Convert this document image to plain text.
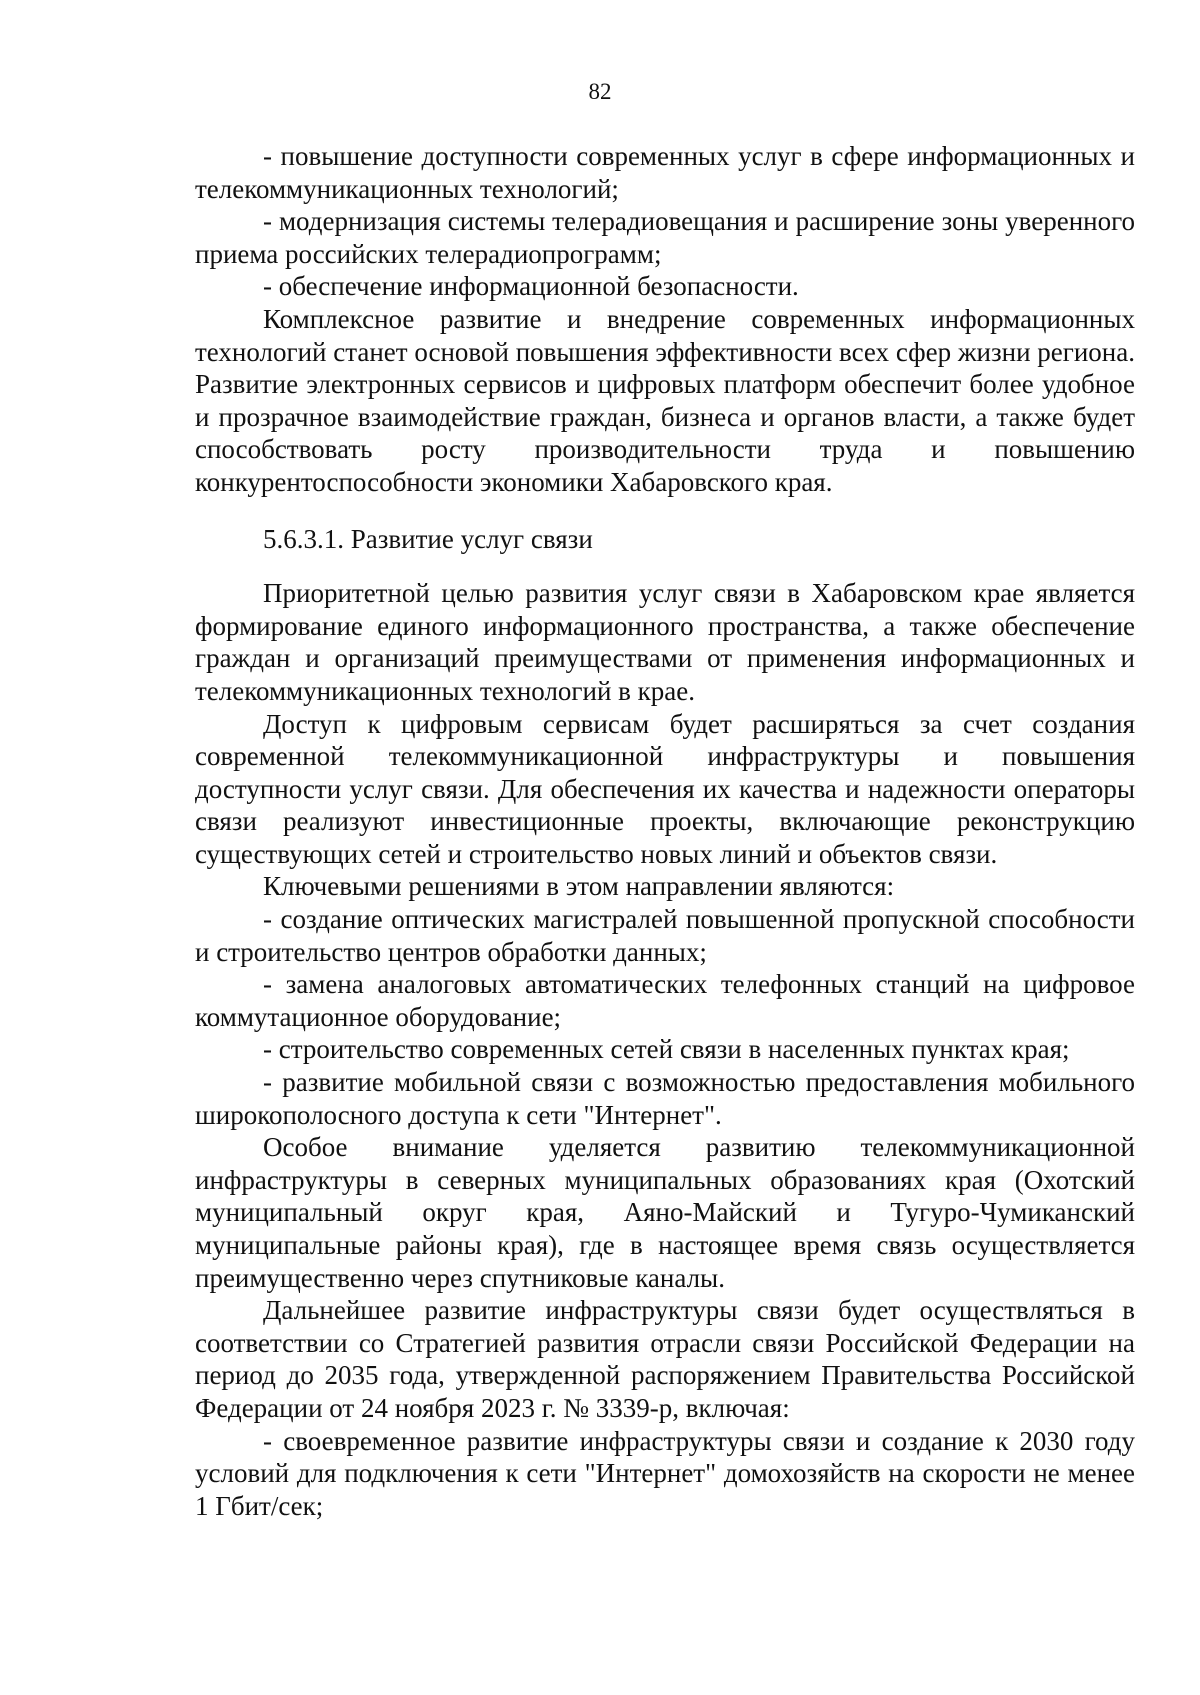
82

- повышение доступности современных услуг в сфере информационных и телекоммуникационных технологий;

- модернизация системы телерадиовещания и расширение зоны уверенного приема российских телерадиопрограмм;

- обеспечение информационной безопасности.

Комплексное развитие и внедрение современных информационных технологий станет основой повышения эффективности всех сфер жизни региона. Развитие электронных сервисов и цифровых платформ обеспечит более удобное и прозрачное взаимодействие граждан, бизнеса и органов власти, а также будет способствовать росту производительности труда и повышению конкурентоспособности экономики Хабаровского края.

5.6.3.1. Развитие услуг связи

Приоритетной целью развития услуг связи в Хабаровском крае является формирование единого информационного пространства, а также обеспечение граждан и организаций преимуществами от применения информационных и телекоммуникационных технологий в крае.

Доступ к цифровым сервисам будет расширяться за счет создания современной телекоммуникационной инфраструктуры и повышения доступности услуг связи. Для обеспечения их качества и надежности операторы связи реализуют инвестиционные проекты, включающие реконструкцию существующих сетей и строительство новых линий и объектов связи.

Ключевыми решениями в этом направлении являются:

- создание оптических магистралей повышенной пропускной способности и строительство центров обработки данных;

- замена аналоговых автоматических телефонных станций на цифровое коммутационное оборудование;

- строительство современных сетей связи в населенных пунктах края;

- развитие мобильной связи с возможностью предоставления мобильного широкополосного доступа к сети "Интернет".

Особое внимание уделяется развитию телекоммуникационной инфраструктуры в северных муниципальных образованиях края (Охотский муниципальный округ края, Аяно-Майский и Тугуро-Чумиканский муниципальные районы края), где в настоящее время связь осуществляется преимущественно через спутниковые каналы.

Дальнейшее развитие инфраструктуры связи будет осуществляться в соответствии со Стратегией развития отрасли связи Российской Федерации на период до 2035 года, утвержденной распоряжением Правительства Российской Федерации от 24 ноября 2023 г. № 3339-р, включая:

- своевременное развитие инфраструктуры связи и создание к 2030 году условий для подключения к сети "Интернет" домохозяйств на скорости не менее 1 Гбит/сек;
